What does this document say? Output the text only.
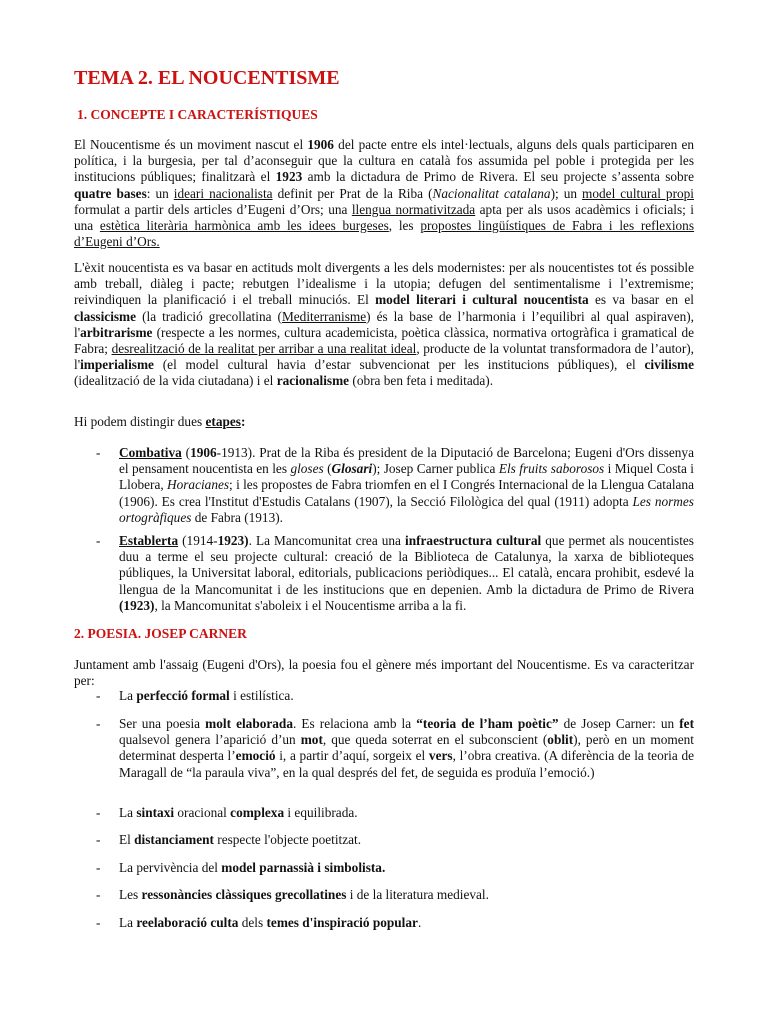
TEMA 2. EL NOUCENTISME
1. CONCEPTE I CARACTERÍSTIQUES
El Noucentisme és un moviment nascut el 1906 del pacte entre els intel·lectuals, alguns dels quals participaren en política, i la burgesia, per tal d’aconseguir que la cultura en català fos assumida pel poble i protegida per les institucions públiques; finalitzarà el 1923 amb la dictadura de Primo de Rivera. El seu projecte s’assenta sobre quatre bases: un ideari nacionalista definit per Prat de la Riba (Nacionalitat catalana); un model cultural propi formulat a partir dels articles d’Eugeni d’Ors; una llengua normativitzada apta per als usos acadèmics i oficials; i una estètica literària harmònica amb les idees burgeses, les propostes lingüístiques de Fabra i les reflexions d’Eugeni d’Ors.
L'èxit noucentista es va basar en actituds molt divergents a les dels modernistes: per als noucentistes tot és possible amb treball, diàleg i pacte; rebutgen l’idealisme i la utopia; defugen del sentimentalisme i l’extremisme; reivindiquen la planificació i el treball minuciós. El model literari i cultural noucentista es va basar en el classicisme (la tradició grecollatina (Mediterranisme) és la base de l’harmonia i l’equilibri al qual aspiraven), l'arbitrarisme (respecte a les normes, cultura academicista, poètica clàssica, normativa ortogràfica i gramatical de Fabra; desrealització de la realitat per arribar a una realitat ideal, producte de la voluntat transformadora de l’autor), l'imperialisme (el model cultural havia d’estar subvencionat per les institucions públiques), el civilisme (idealització de la vida ciutadana) i el racionalisme (obra ben feta i meditada).
Hi podem distingir dues etapes:
- Combativa (1906-1913). Prat de la Riba és president de la Diputació de Barcelona; Eugeni d'Ors dissenya el pensament noucentista en les gloses (Glosari); Josep Carner publica Els fruits saborosos i Miquel Costa i Llobera, Horacianes; i les propostes de Fabra triomfen en el I Congrés Internacional de la Llengua Catalana (1906). Es crea l'Institut d'Estudis Catalans (1907), la Secció Filològica del qual (1911) adopta Les normes ortogràfiques de Fabra (1913).
- Establerta (1914-1923). La Mancomunitat crea una infraestructura cultural que permet als noucentistes duu a terme el seu projecte cultural: creació de la Biblioteca de Catalunya, la xarxa de biblioteques públiques, la Universitat laboral, editorials, publicacions periòdiques... El català, encara prohibit, esdevé la llengua de la Mancomunitat i de les institucions que en depenien. Amb la dictadura de Primo de Rivera (1923), la Mancomunitat s'aboleix i el Noucentisme arriba a la fi.
2. POESIA. JOSEP CARNER
Juntament amb l'assaig (Eugeni d'Ors), la poesia fou el gènere més important del Noucentisme. Es va caracteritzar per:
- La perfecció formal i estilística.
- Ser una poesia molt elaborada. Es relaciona amb la “teoria de l’ham poètic” de Josep Carner: un fet qualsevol genera l’aparició d’un mot, que queda soterrat en el subconscient (oblit), però en un moment determinat desperta l’emoció i, a partir d’aquí, sorgeix el vers, l’obra creativa. (A diferència de la teoria de Maragall de “la paraula viva”, en la qual després del fet, de seguida es produïa l’emoció.)
- La sintaxi oracional complexa i equilibrada.
- El distanciament respecte l'objecte poetitzat.
- La pervivència del model parnassià i simbolista.
- Les ressonàncies clàssiques grecollatines i de la literatura medieval.
- La reelaboració culta dels temes d'inspiració popular.
